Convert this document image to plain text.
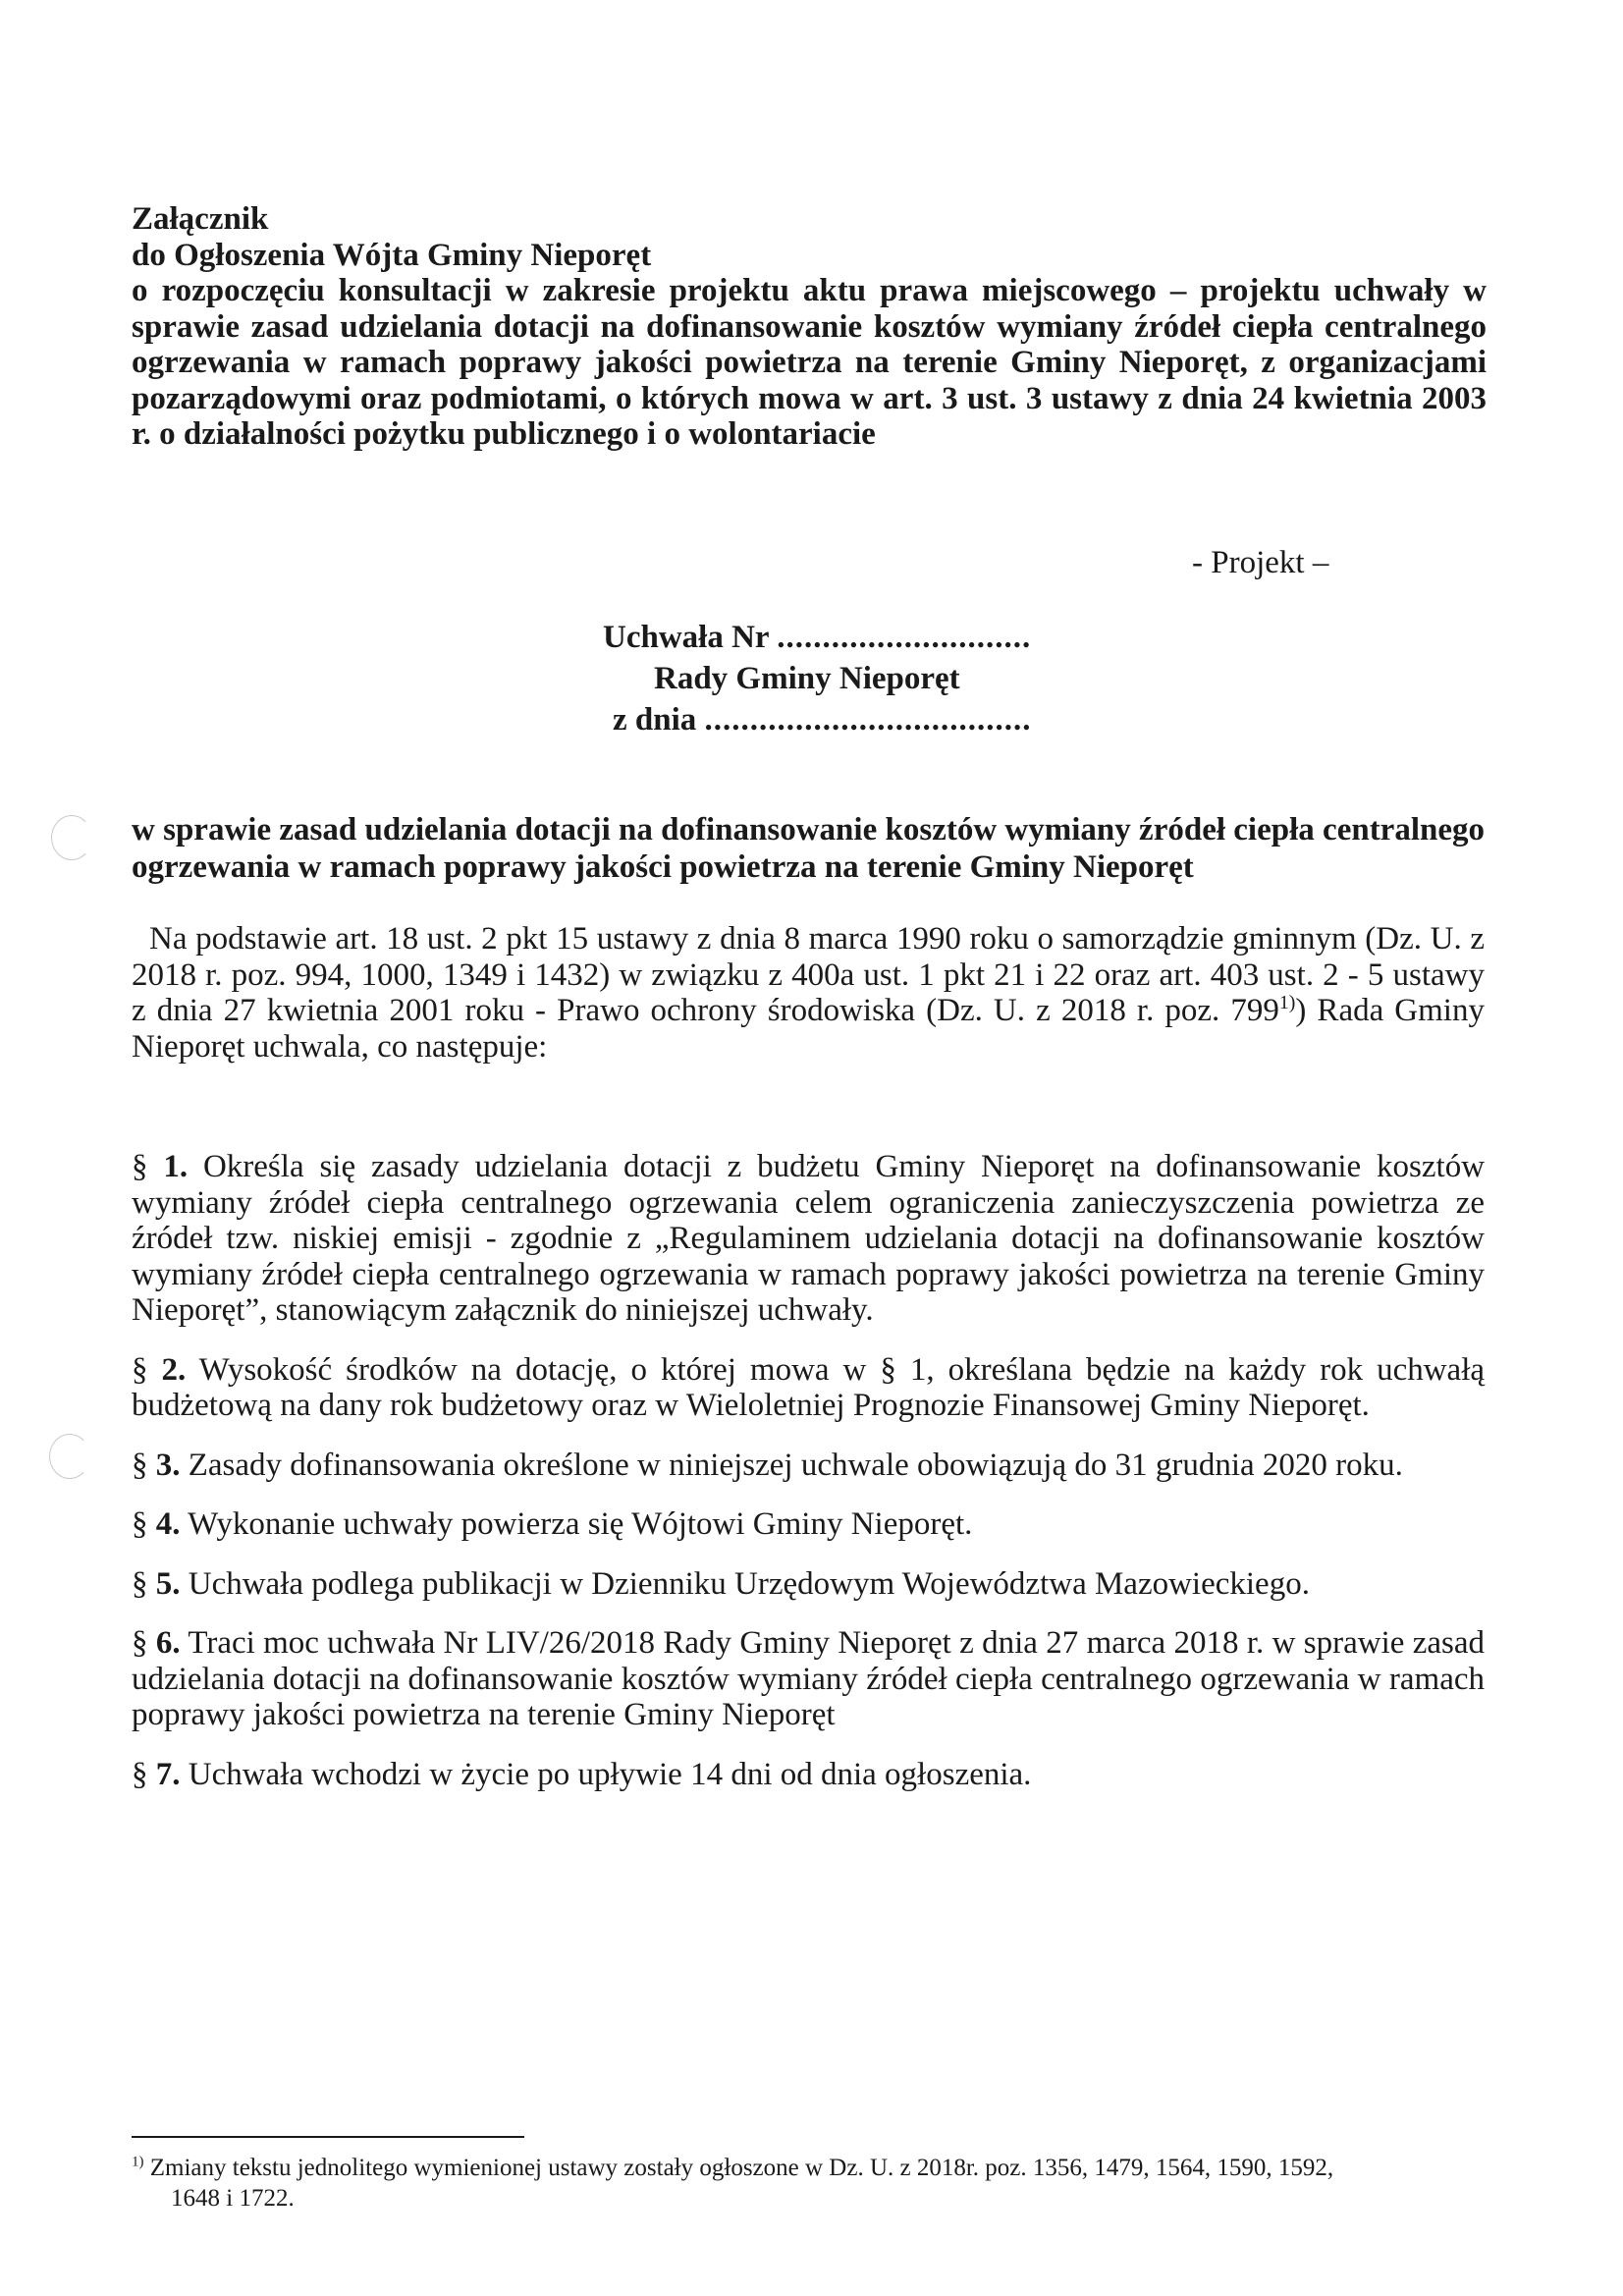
Załącznik
do Ogłoszenia Wójta Gminy Nieporęt
o rozpoczęciu konsultacji w zakresie projektu aktu prawa miejscowego – projektu uchwały w sprawie zasad udzielania dotacji na dofinansowanie kosztów wymiany źródeł ciepła centralnego ogrzewania w ramach poprawy jakości powietrza na terenie Gminy Nieporęt, z organizacjami pozarządowymi oraz podmiotami, o których mowa w art. 3 ust. 3 ustawy z dnia 24 kwietnia 2003 r. o działalności pożytku publicznego i o wolontariacie
- Projekt –
Uchwała Nr ............................
Rady Gminy Nieporęt
z dnia ....................................
w sprawie zasad udzielania dotacji na dofinansowanie kosztów wymiany źródeł ciepła centralnego ogrzewania w ramach poprawy jakości powietrza na terenie Gminy Nieporęt
Na podstawie art. 18 ust. 2 pkt 15 ustawy z dnia 8 marca 1990 roku o samorządzie gminnym (Dz. U. z 2018 r. poz. 994, 1000, 1349 i 1432) w związku z 400a ust. 1 pkt 21 i 22 oraz art. 403 ust. 2 - 5 ustawy z dnia 27 kwietnia 2001 roku - Prawo ochrony środowiska (Dz. U. z 2018 r. poz. 799$^{1)}$) Rada Gminy Nieporęt uchwala, co następuje:

§ 1. Określa się zasady udzielania dotacji z budżetu Gminy Nieporęt na dofinansowanie kosztów wymiany źródeł ciepła centralnego ogrzewania celem ograniczenia zanieczyszczenia powietrza ze źródeł tzw. niskiej emisji - zgodnie z „Regulaminem udzielania dotacji na dofinansowanie kosztów wymiany źródeł ciepła centralnego ogrzewania w ramach poprawy jakości powietrza na terenie Gminy Nieporęt”, stanowiącym załącznik do niniejszej uchwały.

§ 2. Wysokość środków na dotację, o której mowa w § 1, określana będzie na każdy rok uchwałą budżetową na dany rok budżetowy oraz w Wieloletniej Prognozie Finansowej Gminy Nieporęt.

§ 3. Zasady dofinansowania określone w niniejszej uchwale obowiązują do 31 grudnia 2020 roku.

§ 4. Wykonanie uchwały powierza się Wójtowi Gminy Nieporęt.

§ 5. Uchwała podlega publikacji w Dzienniku Urzędowym Województwa Mazowieckiego.

§ 6. Traci moc uchwała Nr LIV/26/2018 Rady Gminy Nieporęt z dnia 27 marca 2018 r. w sprawie zasad udzielania dotacji na dofinansowanie kosztów wymiany źródeł ciepła centralnego ogrzewania w ramach poprawy jakości powietrza na terenie Gminy Nieporęt

§ 7. Uchwała wchodzi w życie po upływie 14 dni od dnia ogłoszenia.

$^{1)}$ Zmiany tekstu jednolitego wymienionej ustawy zostały ogłoszone w Dz. U. z 2018r. poz. 1356, 1479, 1564, 1590, 1592,
1648 i 1722.
